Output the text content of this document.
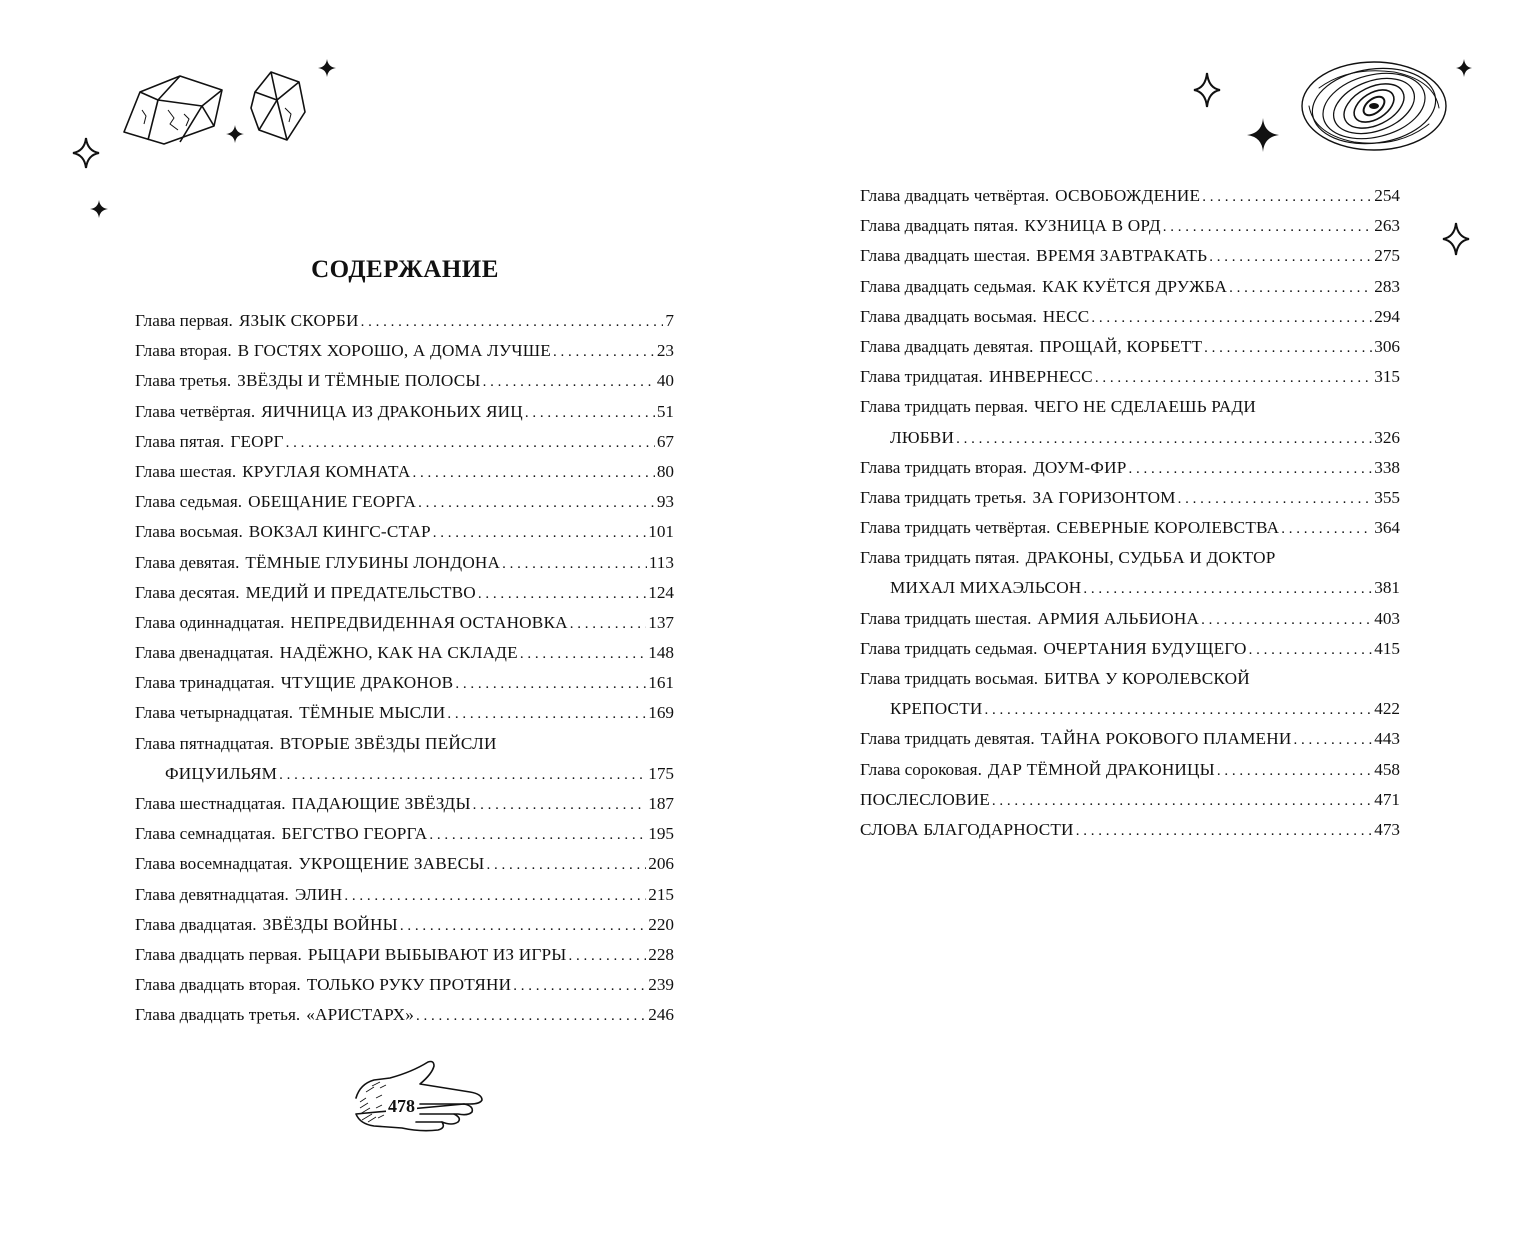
СОДЕРЖАНИЕ
Глава первая. ЯЗЫК СКОРБИ . . .	7
Глава вторая. В ГОСТЯХ ХОРОШО, А ДОМА ЛУЧШЕ . . .	23
Глава третья. ЗВЁЗДЫ И ТЁМНЫЕ ПОЛОСЫ . . .	40
Глава четвёртая. ЯИЧНИЦА ИЗ ДРАКОНЬИХ ЯИЦ . . .	51
Глава пятая. ГЕОРГ . . .	67
Глава шестая. КРУГЛАЯ КОМНАТА . . .	80
Глава седьмая. ОБЕЩАНИЕ ГЕОРГА . . .	93
Глава восьмая. ВОКЗАЛ КИНГС-СТАР . . .	101
Глава девятая. ТЁМНЫЕ ГЛУБИНЫ ЛОНДОНА . . .	113
Глава десятая. МЕДИЙ И ПРЕДАТЕЛЬСТВО . . .	124
Глава одиннадцатая. НЕПРЕДВИДЕННАЯ ОСТАНОВКА . . .	137
Глава двенадцатая. НАДЁЖНО, КАК НА СКЛАДЕ . . .	148
Глава тринадцатая. ЧТУЩИЕ ДРАКОНОВ . . .	161
Глава четырнадцатая. ТЁМНЫЕ МЫСЛИ . . .	169
Глава пятнадцатая. ВТОРЫЕ ЗВЁЗДЫ ПЕЙСЛИ
ФИЦУИЛЬЯМ . . .	175
Глава шестнадцатая. ПАДАЮЩИЕ ЗВЁЗДЫ . . .	187
Глава семнадцатая. БЕГСТВО ГЕОРГА . . .	195
Глава восемнадцатая. УКРОЩЕНИЕ ЗАВЕСЫ . . .	206
Глава девятнадцатая. ЭЛИН . . .	215
Глава двадцатая. ЗВЁЗДЫ ВОЙНЫ . . .	220
Глава двадцать первая. РЫЦАРИ ВЫБЫВАЮТ ИЗ ИГРЫ . . .	228
Глава двадцать вторая. ТОЛЬКО РУКУ ПРОТЯНИ . . .	239
Глава двадцать третья. «АРИСТАРХ» . . .	246
478
Глава двадцать четвёртая. ОСВОБОЖДЕНИЕ . . .	254
Глава двадцать пятая. КУЗНИЦА В ОРД . . .	263
Глава двадцать шестая. ВРЕМЯ ЗАВТРАКАТЬ . . .	275
Глава двадцать седьмая. КАК КУЁТСЯ ДРУЖБА . . .	283
Глава двадцать восьмая. НЕСС . . .	294
Глава двадцать девятая. ПРОЩАЙ, КОРБЕТТ . . .	306
Глава тридцатая. ИНВЕРНЕСС . . .	315
Глава тридцать первая. ЧЕГО НЕ СДЕЛАЕШЬ РАДИ
ЛЮБВИ . . .	326
Глава тридцать вторая. ДОУМ-ФИР . . .	338
Глава тридцать третья. ЗА ГОРИЗОНТОМ . . .	355
Глава тридцать четвёртая. СЕВЕРНЫЕ КОРОЛЕВСТВА . . .	364
Глава тридцать пятая. ДРАКОНЫ, СУДЬБА И ДОКТОР
МИХАЛ МИХАЭЛЬСОН . . .	381
Глава тридцать шестая. АРМИЯ АЛЬБИОНА . . .	403
Глава тридцать седьмая. ОЧЕРТАНИЯ БУДУЩЕГО . . .	415
Глава тридцать восьмая. БИТВА У КОРОЛЕВСКОЙ
КРЕПОСТИ . . .	422
Глава тридцать девятая. ТАЙНА РОКОВОГО ПЛАМЕНИ . . .	443
Глава сороковая. ДАР ТЁМНОЙ ДРАКОНИЦЫ . . .	458
ПОСЛЕСЛОВИЕ . . .	471
СЛОВА БЛАГОДАРНОСТИ . . .	473
